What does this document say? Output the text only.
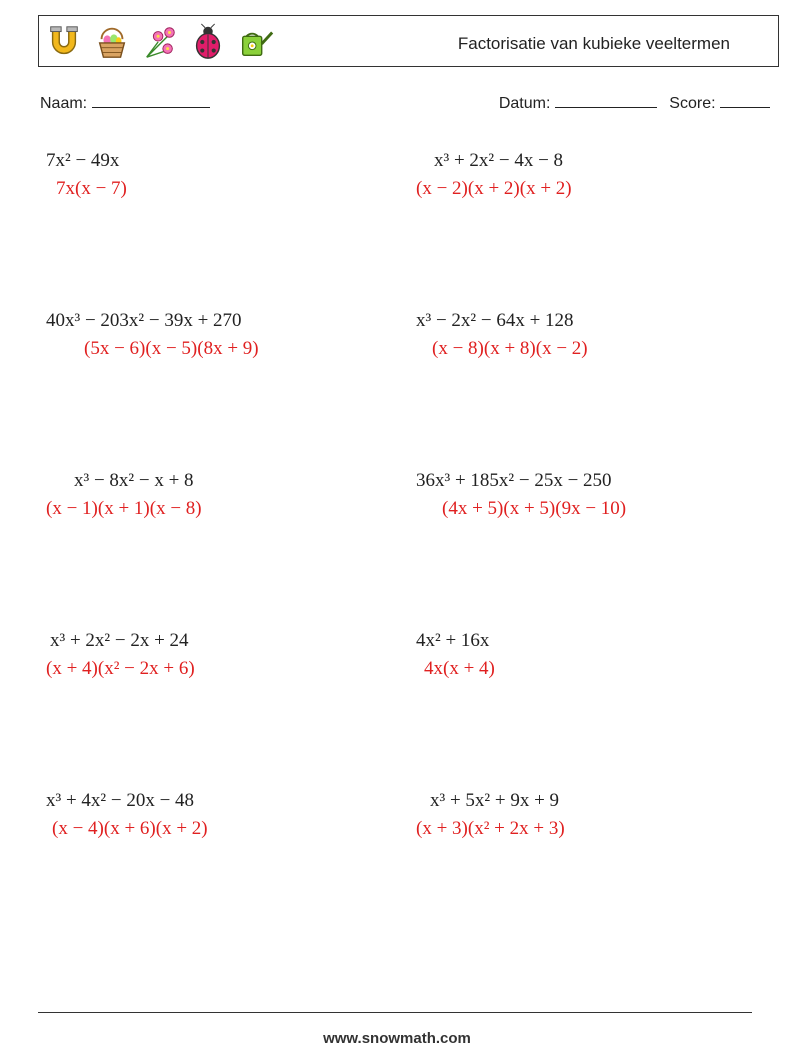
Factorisatie van kubieke veeltermen
Naam:	Datum:	Score:
7x² − 49x
7x(x − 7)
x³ + 2x² − 4x − 8
(x − 2)(x + 2)(x + 2)
40x³ − 203x² − 39x + 270
(5x − 6)(x − 5)(8x + 9)
x³ − 2x² − 64x + 128
(x − 8)(x + 8)(x − 2)
x³ − 8x² − x + 8
(x − 1)(x + 1)(x − 8)
36x³ + 185x² − 25x − 250
(4x + 5)(x + 5)(9x − 10)
x³ + 2x² − 2x + 24
(x + 4)(x² − 2x + 6)
4x² + 16x
4x(x + 4)
x³ + 4x² − 20x − 48
(x − 4)(x + 6)(x + 2)
x³ + 5x² + 9x + 9
(x + 3)(x² + 2x + 3)
www.snowmath.com
